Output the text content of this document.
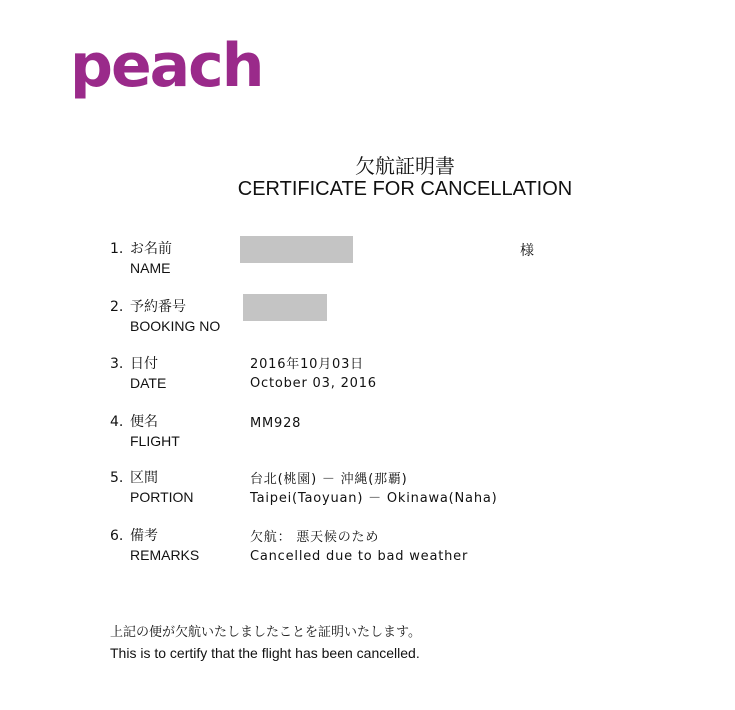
peach
欠航証明書
CERTIFICATE FOR CANCELLATION
1. お名前
NAME
様
2. 予約番号
BOOKING NO
3. 日付
DATE
2016年10月03日
October 03, 2016
4. 便名
FLIGHT
MM928
5. 区間
PORTION
台北(桃園) － 沖縄(那覇)
Taipei(Taoyuan) － Okinawa(Naha)
6. 備考
REMARKS
欠航： 悪天候のため
Cancelled due to bad weather
上記の便が欠航いたしましたことを証明いたします。
This is to certify that the flight has been cancelled.
